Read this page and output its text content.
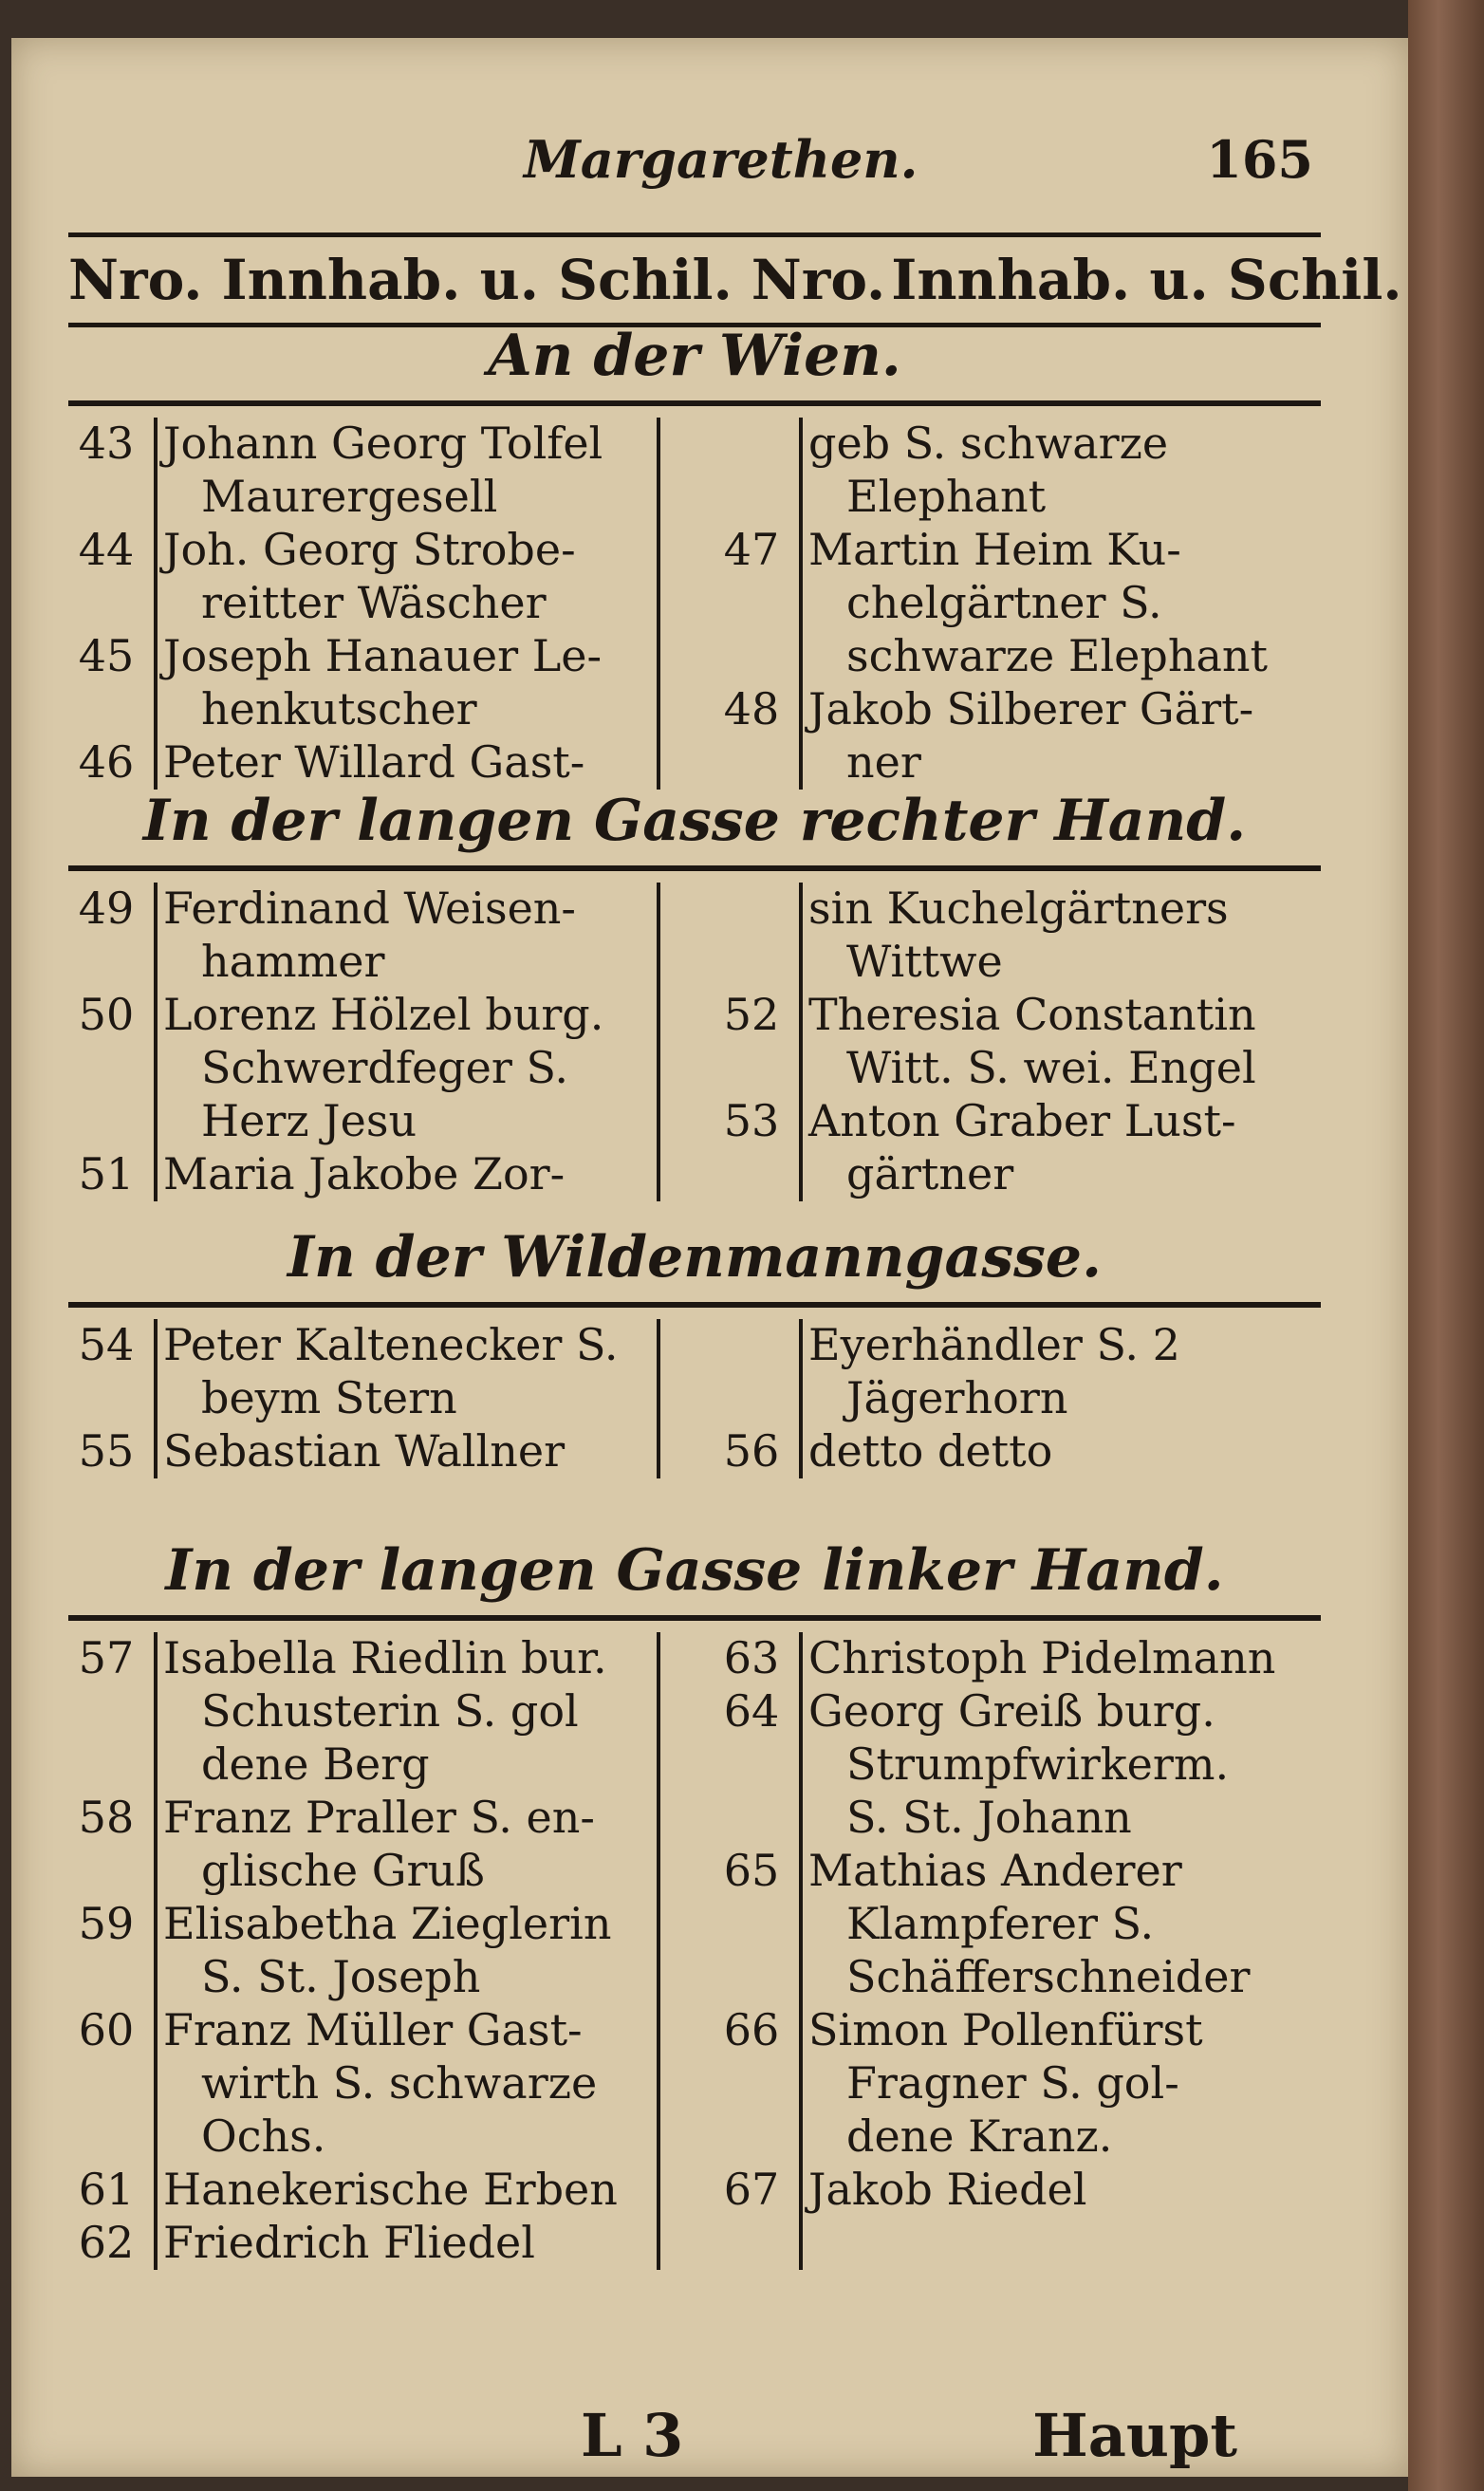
Margarethen.	165
Nro. Innhab. u. Schil. Nro. Innhab. u. Schil.
L 3	Haupt
An der Wien.
43 Johann Georg Tolfel
Maurergesell
44 Joh. Georg Strobe-
reitter Wäscher
45 Joseph Hanauer Le-
henkutscher
46 Peter Willard Gast-
geb S. schwarze
Elephant
47 Martin Heim Ku-
chelgärtner S.
schwarze Elephant
48 Jakob Silberer Gärt-
ner
In der langen Gasse rechter Hand.
49 Ferdinand Weisen-
hammer
50 Lorenz Hölzel burg.
Schwerdfeger S.
Herz Jesu
51 Maria Jakobe Zor-
sin Kuchelgärtners
Wittwe
52 Theresia Constantin
Witt. S. wei. Engel
53 Anton Graber Lust-
gärtner
In der Wildenmanngasse.
54 Peter Kaltenecker S.
beym Stern
55 Sebastian Wallner
Eyerhändler S. 2
Jägerhorn
56 detto detto
In der langen Gasse linker Hand.
57 Isabella Riedlin bur.
Schusterin S. gol
dene Berg
58 Franz Praller S. en-
glische Gruß
59 Elisabetha Zieglerin
S. St. Joseph
60 Franz Müller Gast-
wirth S. schwarze
Ochs.
61 Hanekerische Erben
62 Friedrich Fliedel
63 Christoph Pidelmann
64 Georg Greiß burg.
Strumpfwirkerm.
S. St. Johann
65 Mathias Anderer
Klampferer S.
Schäfferschneider
66 Simon Pollenfürst
Fragner S. gol-
dene Kranz.
67 Jakob Riedel
